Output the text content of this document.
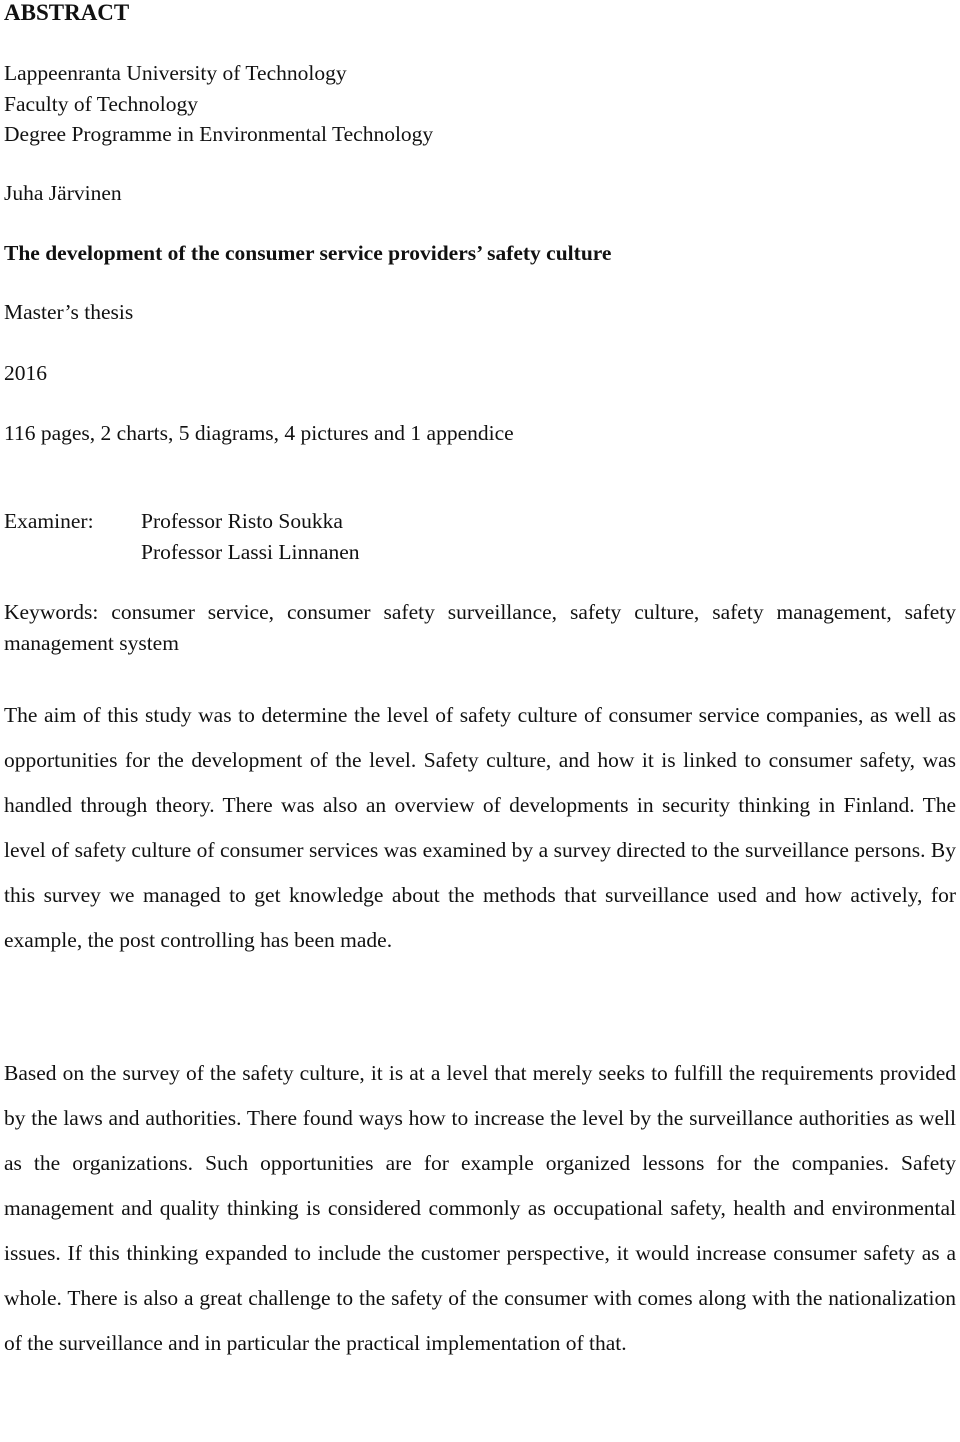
ABSTRACT
Lappeenranta University of Technology
Faculty of Technology
Degree Programme in Environmental Technology
Juha Järvinen
The development of the consumer service providers’ safety culture
Master’s thesis
2016
116 pages, 2 charts, 5 diagrams, 4 pictures and 1 appendice
Examiner: Professor Risto Soukka
Professor Lassi Linnanen
Keywords: consumer service, consumer safety surveillance, safety culture, safety management, safety management system

The aim of this study was to determine the level of safety culture of consumer service companies, as well as opportunities for the development of the level. Safety culture, and how it is linked to consumer safety, was handled through theory. There was also an overview of developments in security thinking in Finland. The level of safety culture of consumer services was examined by a survey directed to the surveillance persons. By this survey we managed to get knowledge about the methods that surveillance used and how actively, for example, the post controlling has been made.

Based on the survey of the safety culture, it is at a level that merely seeks to fulfill the requirements provided by the laws and authorities. There found ways how to increase the level by the surveillance authorities as well as the organizations. Such opportunities are for example organized lessons for the companies. Safety management and quality thinking is considered commonly as occupational safety, health and environmental issues. If this thinking expanded to include the customer perspective, it would increase consumer safety as a whole. There is also a great challenge to the safety of the consumer with comes along with the nationalization of the surveillance and in particular the practical implementation of that.
